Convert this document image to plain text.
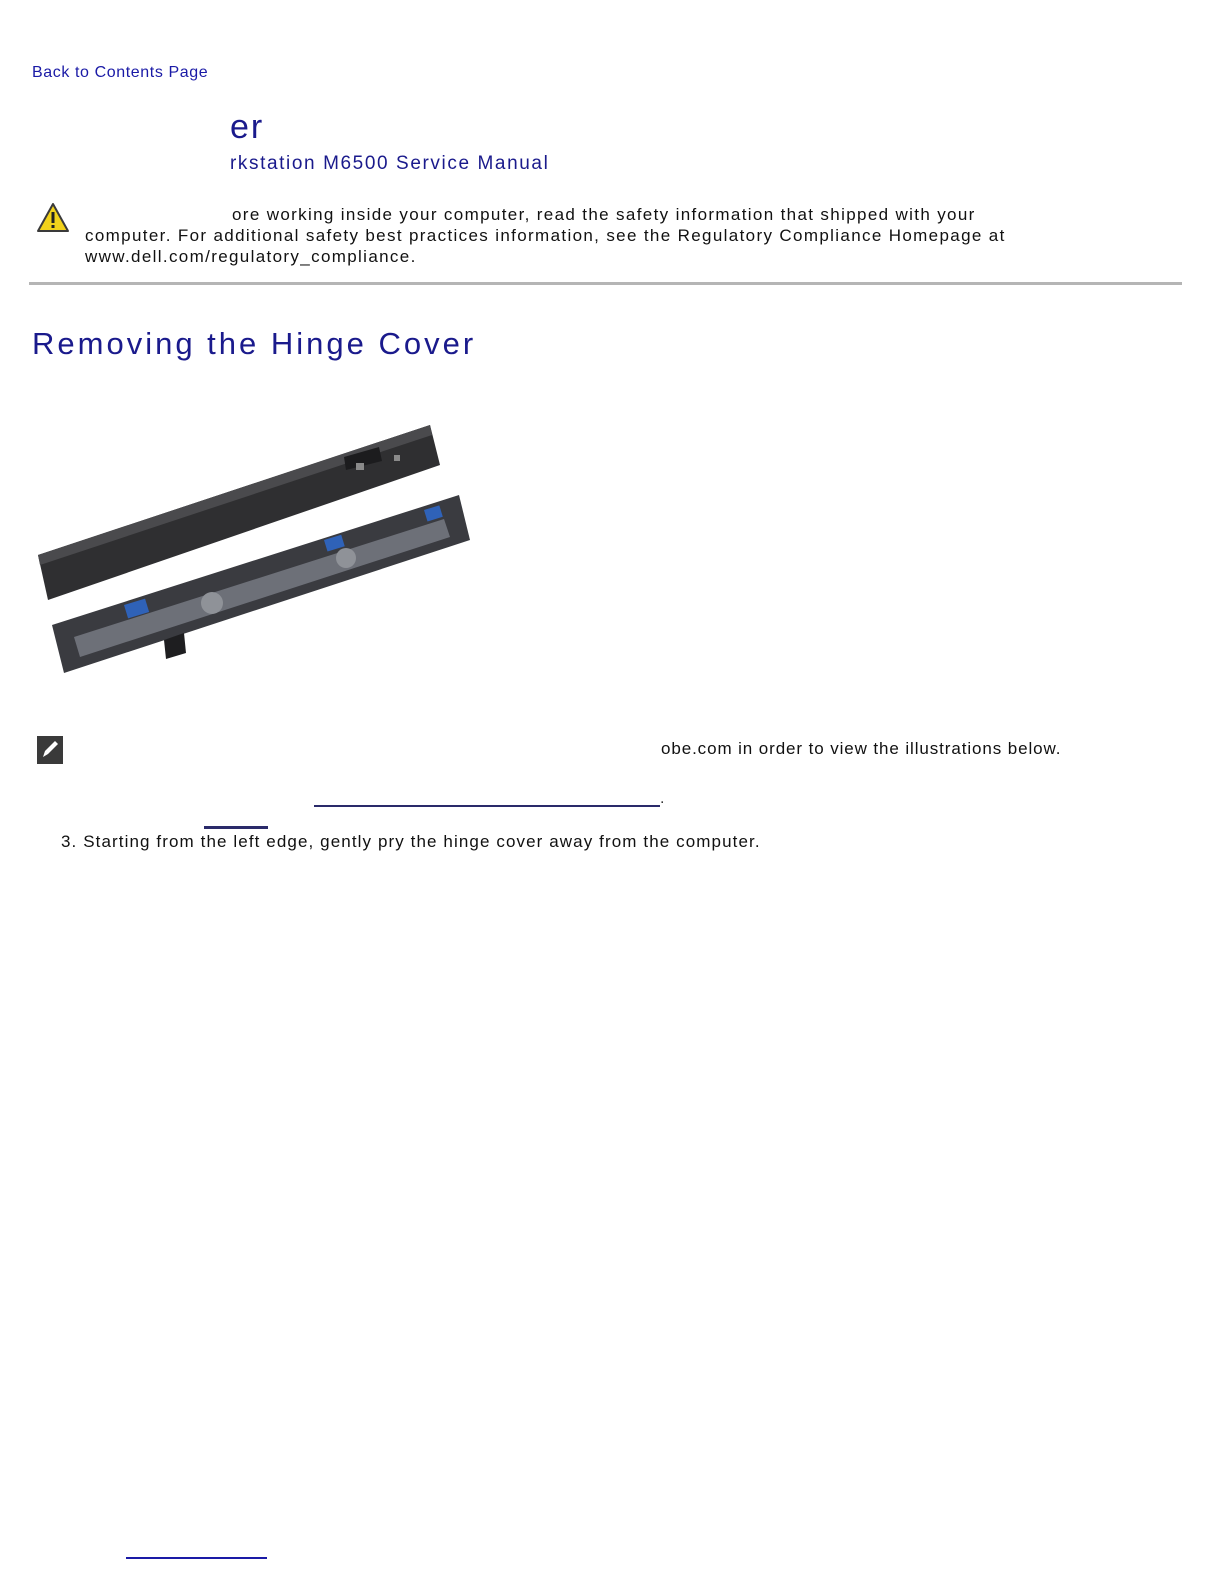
Back to Contents Page
er
rkstation M6500 Service Manual
ore working inside your computer, read the safety information that shipped with your
computer. For additional safety best practices information, see the Regulatory Compliance Homepage at
www.dell.com/regulatory_compliance.
Removing the Hinge Cover
obe.com in order to view the illustrations below.
.
3. Starting from the left edge, gently pry the hinge cover away from the computer.
